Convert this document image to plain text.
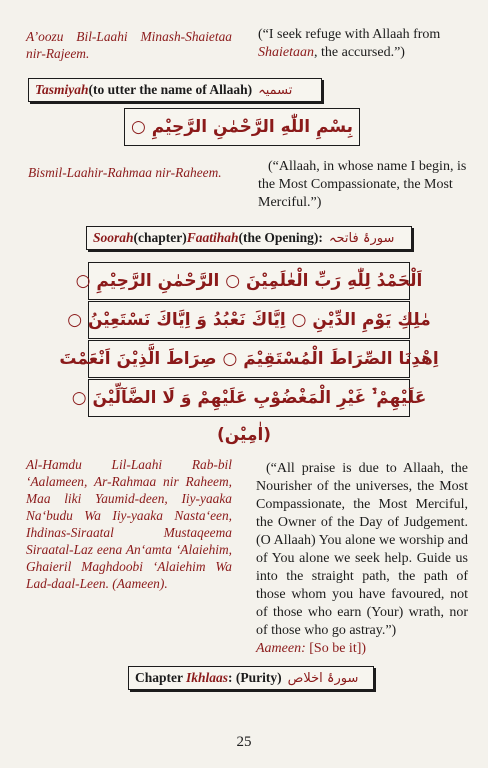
A’oozu Bil-Laahi Minash-Shaietaa nir-Rajeem.
(“I seek refuge with Allaah from Shaietaan, the accursed.”)
Tasmiyah (to utter the name of Allaah) تسمیہ
بِسْمِ اللّٰهِ الرَّحْمٰنِ الرَّحِیْمِ ○
Bismil-Laahir-Rahmaa nir-Raheem.	(“Allaah, in whose name I begin, is the Most Compassionate, the Most Merciful.”)
Soorah (chapter) Faatihah (the Opening): سورۂ فاتحہ
اَلْحَمْدُ لِلّٰهِ رَبِّ الْعٰلَمِیْنَ ○ الرَّحْمٰنِ الرَّحِیْمِ ○
مٰلِكِ یَوْمِ الدِّیْنِ ○ اِیَّاكَ نَعْبُدُ وَ اِیَّاكَ نَسْتَعِیْنُ ○
اِهْدِنَا الصِّرَاطَ الْمُسْتَقِیْمَ ○ صِرَاطَ الَّذِیْنَ اَنْعَمْتَ
عَلَیْهِمْ ۙ۬ غَیْرِ الْمَغْضُوْبِ عَلَیْهِمْ وَ لَا الضَّآلِّیْنَ ○
(اٰمِیْن)
Al-Hamdu Lil-Laahi Rab-bil ‘Aalameen, Ar-Rahmaa nir Raheem, Maa liki Yaumid-deen, Iiy-yaaka Na‘budu Wa Iiy-yaaka Nasta‘een, Ihdinas-Siraatal Mustaqeema Siraatal-Laz eena An‘amta ‘Alaiehim, Ghaieril Maghdoobi ‘Alaiehim Wa Lad-daal-Leen. (Aameen).
(“All praise is due to Allaah, the Nourisher of the universes, the Most Compassionate, the Most Merciful, the Owner of the Day of Judgement. (O Allaah) You alone we worship and of You alone we seek help. Guide us into the straight path, the path of those whom you have favoured, not of those who earn (Your) wrath, nor of those who go astray.”)
Aameen: [So be it])
Chapter Ikhlaas : (Purity) سورۂ اخلاص
25
